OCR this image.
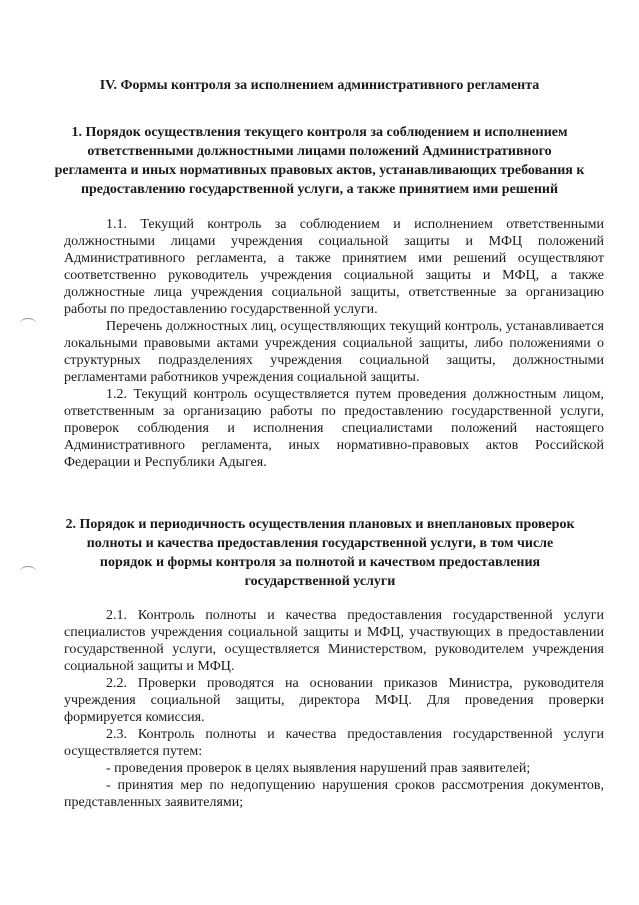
IV. Формы контроля за исполнением административного регламента
1. Порядок осуществления текущего контроля за соблюдением и исполнением ответственными должностными лицами положений Административного регламента и иных нормативных правовых актов, устанавливающих требования к предоставлению государственной услуги, а также принятием ими решений

1.1. Текущий контроль за соблюдением и исполнением ответственными должностными лицами учреждения социальной защиты и МФЦ положений Административного регламента, а также принятием ими решений осуществляют соответственно руководитель учреждения социальной защиты и МФЦ, а также должностные лица учреждения социальной защиты, ответственные за организацию работы по предоставлению государственной услуги.

Перечень должностных лиц, осуществляющих текущий контроль, устанавливается локальными правовыми актами учреждения социальной защиты, либо положениями о структурных подразделениях учреждения социальной защиты, должностными регламентами работников учреждения социальной защиты.

1.2. Текущий контроль осуществляется путем проведения должностным лицом, ответственным за организацию работы по предоставлению государственной услуги, проверок соблюдения и исполнения специалистами положений настоящего Административного регламента, иных нормативно-правовых актов Российской Федерации и Республики Адыгея.

2. Порядок и периодичность осуществления плановых и внеплановых проверок полноты и качества предоставления государственной услуги, в том числе порядок и формы контроля за полнотой и качеством предоставления государственной услуги

2.1. Контроль полноты и качества предоставления государственной услуги специалистов учреждения социальной защиты и МФЦ, участвующих в предоставлении государственной услуги, осуществляется Министерством, руководителем учреждения социальной защиты и МФЦ.

2.2. Проверки проводятся на основании приказов Министра, руководителя учреждения социальной защиты, директора МФЦ. Для проведения проверки формируется комиссия.

2.3. Контроль полноты и качества предоставления государственной услуги осуществляется путем:

- проведения проверок в целях выявления нарушений прав заявителей;

- принятия мер по недопущению нарушения сроков рассмотрения документов, представленных заявителями;
